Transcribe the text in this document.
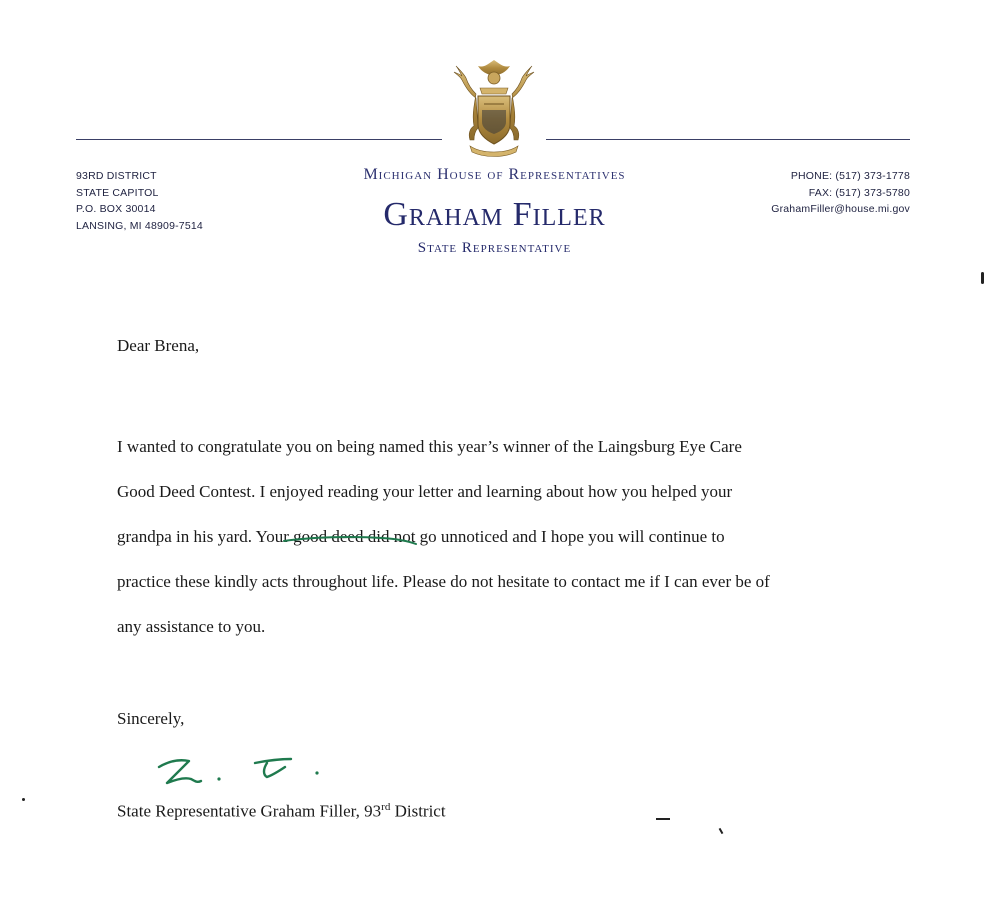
93RD DISTRICT
STATE CAPITOL
P.O. BOX 30014
LANSING, MI 48909-7514
Michigan House of Representatives
Graham Filler
State Representative
PHONE: (517) 373-1778
FAX: (517) 373-5780
GrahamFiller@house.mi.gov
Dear Brena,
I wanted to congratulate you on being named this year’s winner of the Laingsburg Eye Care
Good Deed Contest. I enjoyed reading your letter and learning about how you helped your
grandpa in his yard. Your good deed did not go unnoticed and I hope you will continue to
practice these kindly acts throughout life. Please do not hesitate to contact me if I can ever be of
any assistance to you.
Sincerely,
State Representative Graham Filler, 93rd District
